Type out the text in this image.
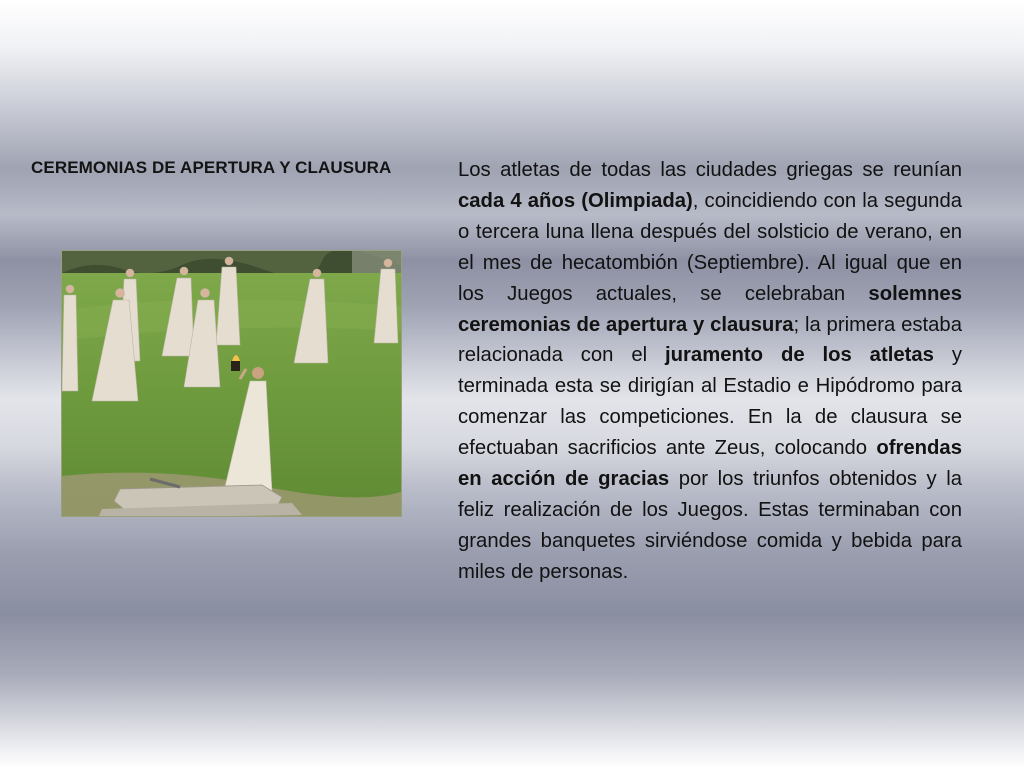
CEREMONIAS DE APERTURA Y CLAUSURA	Los atletas de todas las ciudades griegas se reunían cada 4 años (Olimpiada), coincidiendo con la segunda o tercera luna llena después del solsticio de verano, en el mes de hecatombión (Septiembre). Al igual que en los Juegos actuales, se celebraban solemnes ceremonias de apertura y clausura; la primera estaba relacionada con el juramento de los atletas y terminada esta se dirigían al Estadio e Hipódromo para comenzar las competiciones. En la de clausura se efectuaban sacrificios ante Zeus, colocando ofrendas en acción de gracias por los triunfos obtenidos y la feliz realización de los Juegos. Estas terminaban con grandes banquetes sirviéndose comida y bebida para miles de personas.
